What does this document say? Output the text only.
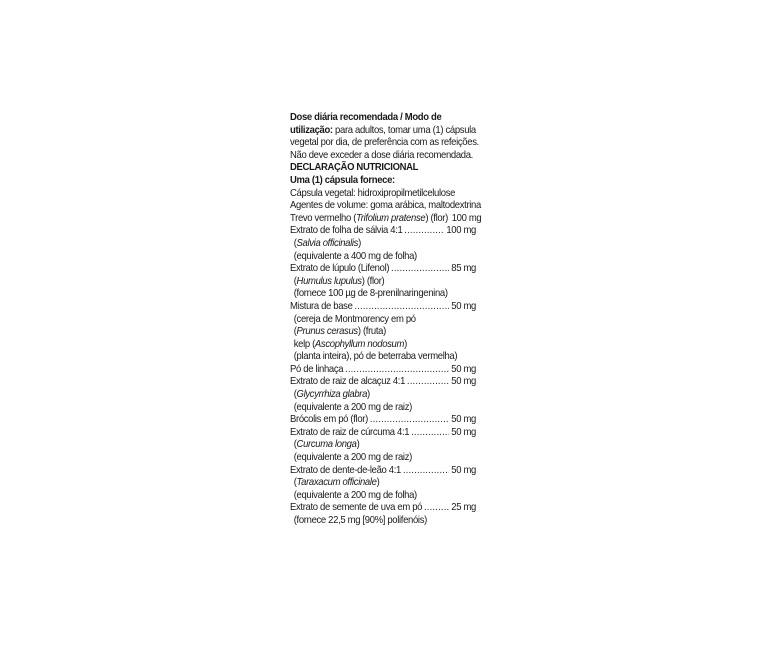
Dose diária recomendada / Modo de
utilização: para adultos, tomar uma (1) cápsula
vegetal por dia, de preferência com as refeições.
Não deve exceder a dose diária recomendada.
DECLARAÇÃO NUTRICIONAL
Uma (1) cápsula fornece:
Cápsula vegetal: hidroxipropilmetilcelulose
Agentes de volume: goma arábica, maltodextrina
Trevo vermelho (Trifolium pratense) (flor) 100 mg
Extrato de folha de sálvia 4:1 .....	100 mg
(Salvia officinalis)
(equivalente a 400 mg de folha)
Extrato de lúpulo (Lifenol) .....	85 mg
(Humulus lupulus) (flor)
(fornece 100 µg de 8-prenilnaringenina)
Mistura de base .....	50 mg
(cereja de Montmorency em pó
(Prunus cerasus) (fruta)
kelp (Ascophyllum nodosum)
(planta inteira), pó de beterraba vermelha)
Pó de linhaça .....	50 mg
Extrato de raiz de alcaçuz 4:1 .....	50 mg
(Glycyrrhiza glabra)
(equivalente a 200 mg de raiz)
Brócolis em pó (flor) .....	50 mg
Extrato de raiz de cúrcuma 4:1 .....	50 mg
(Curcuma longa)
(equivalente a 200 mg de raiz)
Extrato de dente-de-leão 4:1 .....	50 mg
(Taraxacum officinale)
(equivalente a 200 mg de folha)
Extrato de semente de uva em pó .....	25 mg
(fornece 22,5 mg [90%] polifenóis)
